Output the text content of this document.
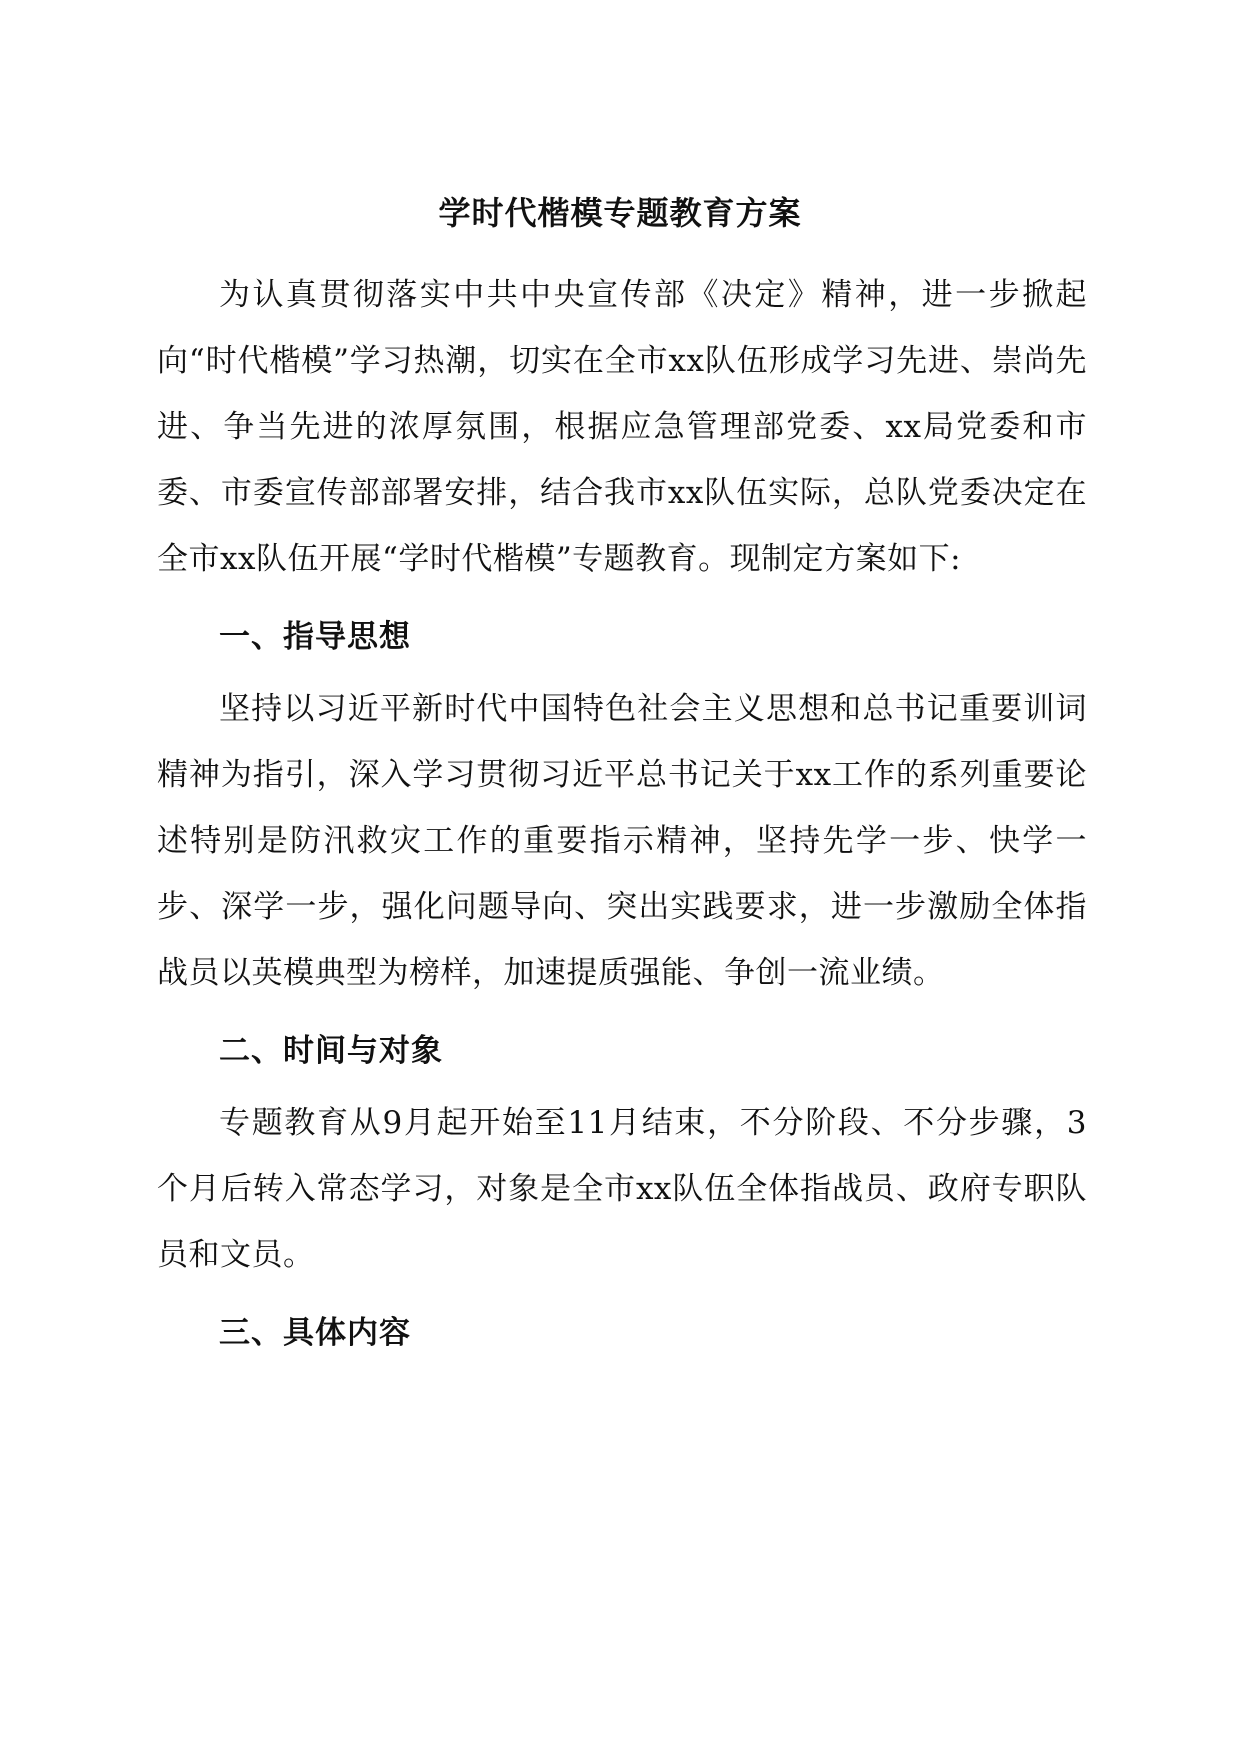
学时代楷模专题教育方案

为认真贯彻落实中共中央宣传部《决定》精神，进一步掀起向“时代楷模”学习热潮，切实在全市xx队伍形成学习先进、崇尚先进、争当先进的浓厚氛围，根据应急管理部党委、xx局党委和市委、市委宣传部部署安排，结合我市xx队伍实际，总队党委决定在全市xx队伍开展“学时代楷模”专题教育。现制定方案如下:

一、指导思想

坚持以习近平新时代中国特色社会主义思想和总书记重要训词精神为指引，深入学习贯彻习近平总书记关于xx工作的系列重要论述特别是防汛救灾工作的重要指示精神，坚持先学一步、快学一步、深学一步，强化问题导向、突出实践要求，进一步激励全体指战员以英模典型为榜样，加速提质强能、争创一流业绩。

二、时间与对象

专题教育从9月起开始至11月结束，不分阶段、不分步骤，3个月后转入常态学习，对象是全市xx队伍全体指战员、政府专职队员和文员。

三、具体内容
